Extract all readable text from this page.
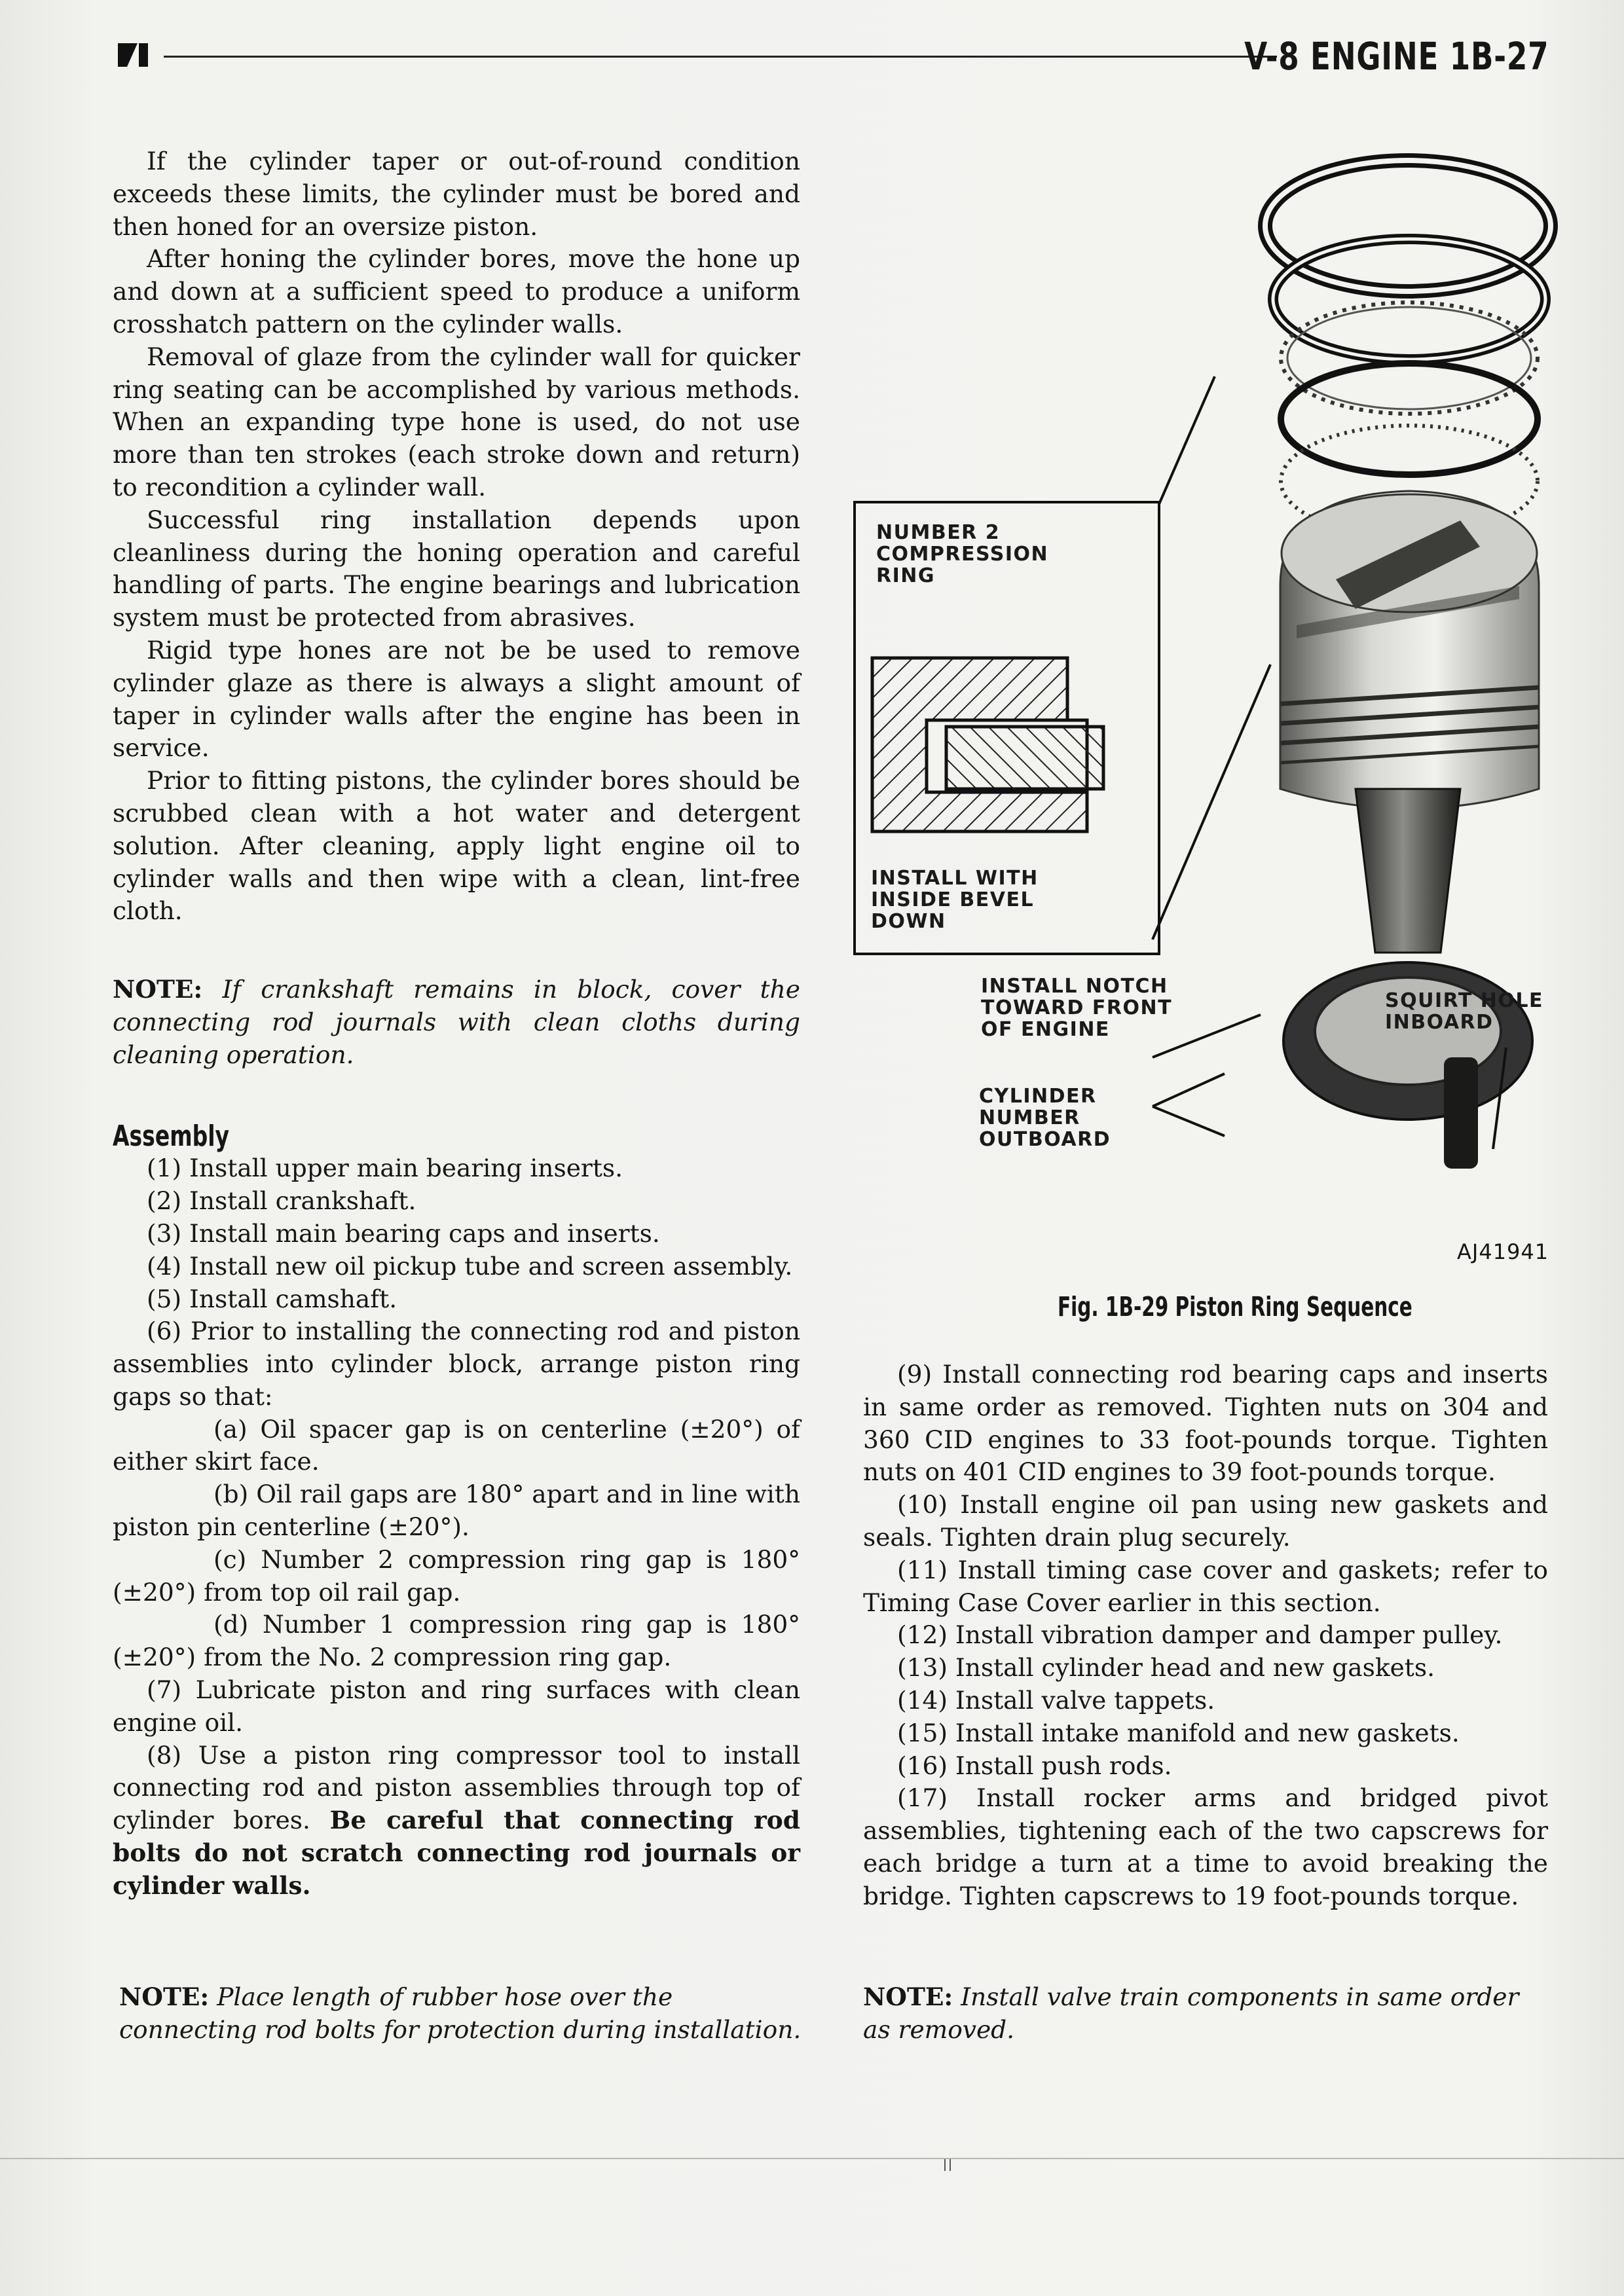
V-8 ENGINE 1B-27

If the cylinder taper or out-of-round condition exceeds these limits, the cylinder must be bored and then honed for an oversize piston.

After honing the cylinder bores, move the hone up and down at a sufficient speed to produce a uniform crosshatch pattern on the cylinder walls.

Removal of glaze from the cylinder wall for quicker ring seating can be accomplished by various methods. When an expanding type hone is used, do not use more than ten strokes (each stroke down and return) to recondition a cylinder wall.

Successful ring installation depends upon cleanliness during the honing operation and careful handling of parts. The engine bearings and lubrication system must be protected from abrasives.

Rigid type hones are not be be used to remove cylinder glaze as there is always a slight amount of taper in cylinder walls after the engine has been in service.

Prior to fitting pistons, the cylinder bores should be scrubbed clean with a hot water and detergent solution. After cleaning, apply light engine oil to cylinder walls and then wipe with a clean, lint-free cloth.

NOTE: If crankshaft remains in block, cover the connecting rod journals with clean cloths during cleaning operation.

Assembly

(1) Install upper main bearing inserts.

(2) Install crankshaft.

(3) Install main bearing caps and inserts.

(4) Install new oil pickup tube and screen assembly.

(5) Install camshaft.

(6) Prior to installing the connecting rod and piston assemblies into cylinder block, arrange piston ring gaps so that:

(a) Oil spacer gap is on centerline (±20°) of either skirt face.

(b) Oil rail gaps are 180° apart and in line with piston pin centerline (±20°).

(c) Number 2 compression ring gap is 180° (±20°) from top oil rail gap.

(d) Number 1 compression ring gap is 180° (±20°) from the No. 2 compression ring gap.

(7) Lubricate piston and ring surfaces with clean engine oil.

(8) Use a piston ring compressor tool to install connecting rod and piston assemblies through top of cylinder bores. Be careful that connecting rod bolts do not scratch connecting rod journals or cylinder walls.

NOTE: Place length of rubber hose over the connecting rod bolts for protection during installation.
NUMBER 2
COMPRESSION
RING
INSTALL WITH
INSIDE BEVEL
DOWN
INSTALL NOTCH
TOWARD FRONT
OF ENGINE
SQUIRT HOLE
INBOARD
CYLINDER
NUMBER
OUTBOARD
AJ41941
Fig. 1B-29 Piston Ring Sequence

(9) Install connecting rod bearing caps and inserts in same order as removed. Tighten nuts on 304 and 360 CID engines to 33 foot-pounds torque. Tighten nuts on 401 CID engines to 39 foot-pounds torque.

(10) Install engine oil pan using new gaskets and seals. Tighten drain plug securely.

(11) Install timing case cover and gaskets; refer to Timing Case Cover earlier in this section.

(12) Install vibration damper and damper pulley.

(13) Install cylinder head and new gaskets.

(14) Install valve tappets.

(15) Install intake manifold and new gaskets.

(16) Install push rods.

(17) Install rocker arms and bridged pivot assemblies, tightening each of the two capscrews for each bridge a turn at a time to avoid breaking the bridge. Tighten capscrews to 19 foot-pounds torque.

NOTE: Install valve train components in same order as removed.
